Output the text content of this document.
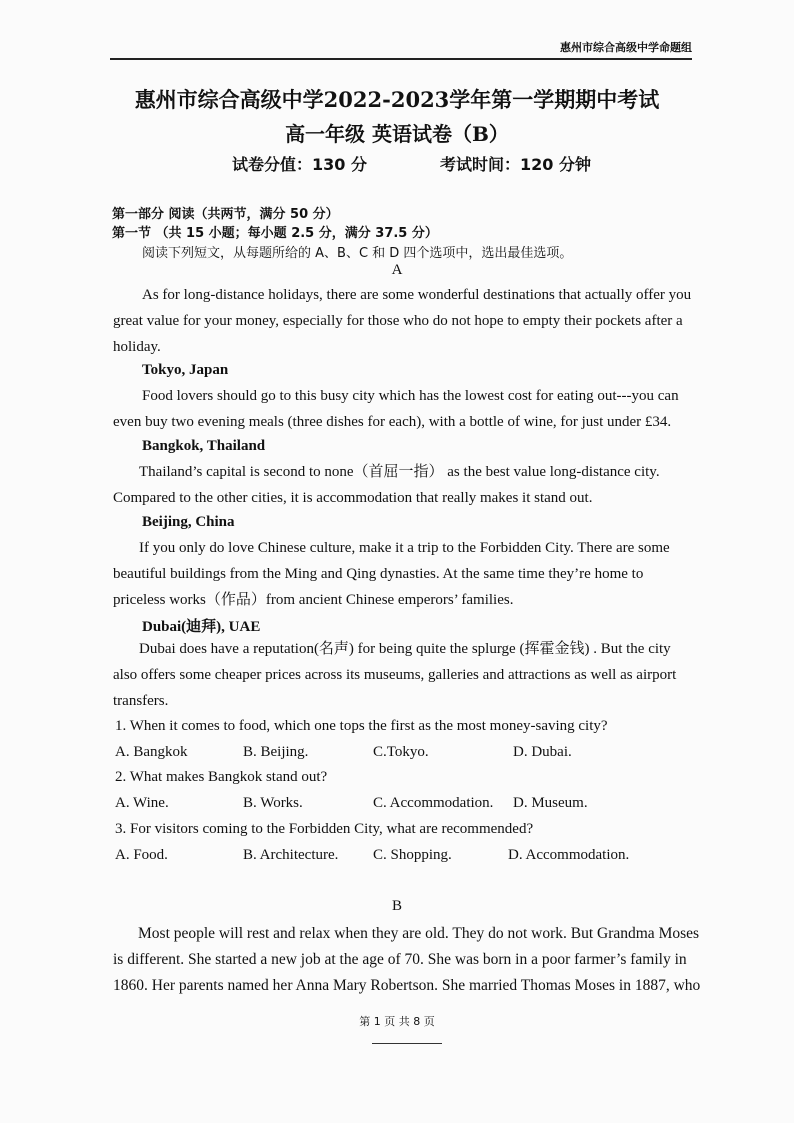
惠州市综合高级中学命题组
惠州市综合高级中学2022-2023学年第一学期期中考试
高一年级 英语试卷（B）
试卷分值：130 分	考试时间：120 分钟
第一部分 阅读（共两节，满分 50 分）
第一节 （共 15 小题；每小题 2.5 分，满分 37.5 分）
阅读下列短文，从每题所给的 A、B、C 和 D 四个选项中，选出最佳选项。
A
As for long-distance holidays, there are some wonderful destinations that actually offer you
great value for your money, especially for those who do not hope to empty their pockets after a
holiday.
Tokyo, Japan
Food lovers should go to this busy city which has the lowest cost for eating out---you can
even buy two evening meals (three dishes for each), with a bottle of wine, for just under £34.
Bangkok, Thailand
Thailand’s capital is second to none（首屈一指） as the best value long-distance city.
Compared to the other cities, it is accommodation that really makes it stand out.
Beijing, China
If you only do love Chinese culture, make it a trip to the Forbidden City. There are some
beautiful buildings from the Ming and Qing dynasties. At the same time they’re home to
priceless works（作品）from ancient Chinese emperors’ families.
Dubai(迪拜), UAE
Dubai does have a reputation(名声) for being quite the splurge (挥霍金钱) . But the city
also offers some cheaper prices across its museums, galleries and attractions as well as airport
transfers.
1. When it comes to food, which one tops the first as the most money-saving city?
A. Bangkok	B. Beijing.	C.Tokyo.	D. Dubai.
2. What makes Bangkok stand out?
A. Wine.	B. Works.	C. Accommodation. D. Museum.
3. For visitors coming to the Forbidden City, what are recommended?
A. Food.	B. Architecture. C. Shopping.	D. Accommodation.
B
Most people will rest and relax when they are old. They do not work. But Grandma Moses
is different. She started a new job at the age of 70. She was born in a poor farmer’s family in
1860. Her parents named her Anna Mary Robertson. She married Thomas Moses in 1887, who
第 1 页 共 8 页
